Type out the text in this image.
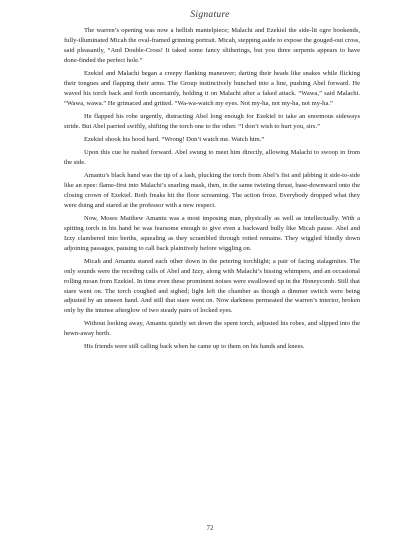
Signature

The warren’s opening was now a hellish mantelpiece; Malachi and Ezekiel the side-lit ogre bookends, fully-illuminated Micah the oval-framed grinning portrait. Micah, stepping aside to expose the gouged-out cross, said pleasantly, “And Double-Cross! It taked some fancy slitherings, but you three serpents appears to have done-finded the perfect hole.”

Ezekiel and Malachi began a creepy flanking maneuver; darting their heads like snakes while flicking their tongues and flapping their arms. The Group instinctively bunched into a line, pushing Abel forward. He waved his torch back and forth uncertainly, holding it on Malachi after a faked attack. “Wawa,” said Malachi. “Wawa, wawa.” He grimaced and gritted. “Wa-wa-watch my eyes. Not my-ha, not my-ha, not my-ha.”

He flapped his robe urgently, distracting Abel long enough for Ezekiel to take an enormous sideways stride. But Abel parried swiftly, shifting the torch one to the other. “I don’t wish to hurt you, sirs.”

Ezekiel shook his hood hard. “Wrong! Don’t watch me. Watch him.”

Upon this cue he rushed forward. Abel swung to meet him directly, allowing Malachi to swoop in from the side.

Amantu’s black hand was the tip of a lash, plucking the torch from Abel’s fist and jabbing it side-to-side like an epee: flame-first into Malachi’s snarling mask, then, in the same twisting thrust, base-downward onto the closing crown of Ezekiel. Both freaks hit the floor screaming. The action froze. Everybody dropped what they were doing and stared at the professor with a new respect.

Now, Moses Matthew Amantu was a most imposing man, physically as well as intellectually. With a spitting torch in his hand he was fearsome enough to give even a backward bully like Micah pause. Abel and Izzy clambered into berths, squealing as they scrambled through rotted remains. They wiggled blindly down adjoining passages, pausing to call back plaintively before wiggling on.

Micah and Amantu stared each other down in the petering torchlight; a pair of facing stalagmites. The only sounds were the receding calls of Abel and Izzy, along with Malachi’s hissing whimpers, and an occasional rolling moan from Ezekiel. In time even these prominent noises were swallowed up in the Honeycomb. Still that stare went on. The torch coughed and sighed; light left the chamber as though a dimmer switch were being adjusted by an unseen hand. And still that stare went on. Now darkness permeated the warren’s interior, broken only by the intense afterglow of two steady pairs of locked eyes.

Without looking away, Amantu quietly set down the spent torch, adjusted his robes, and slipped into the hewn-away berth.

His friends were still calling back when he came up to them on his hands and knees.

72
